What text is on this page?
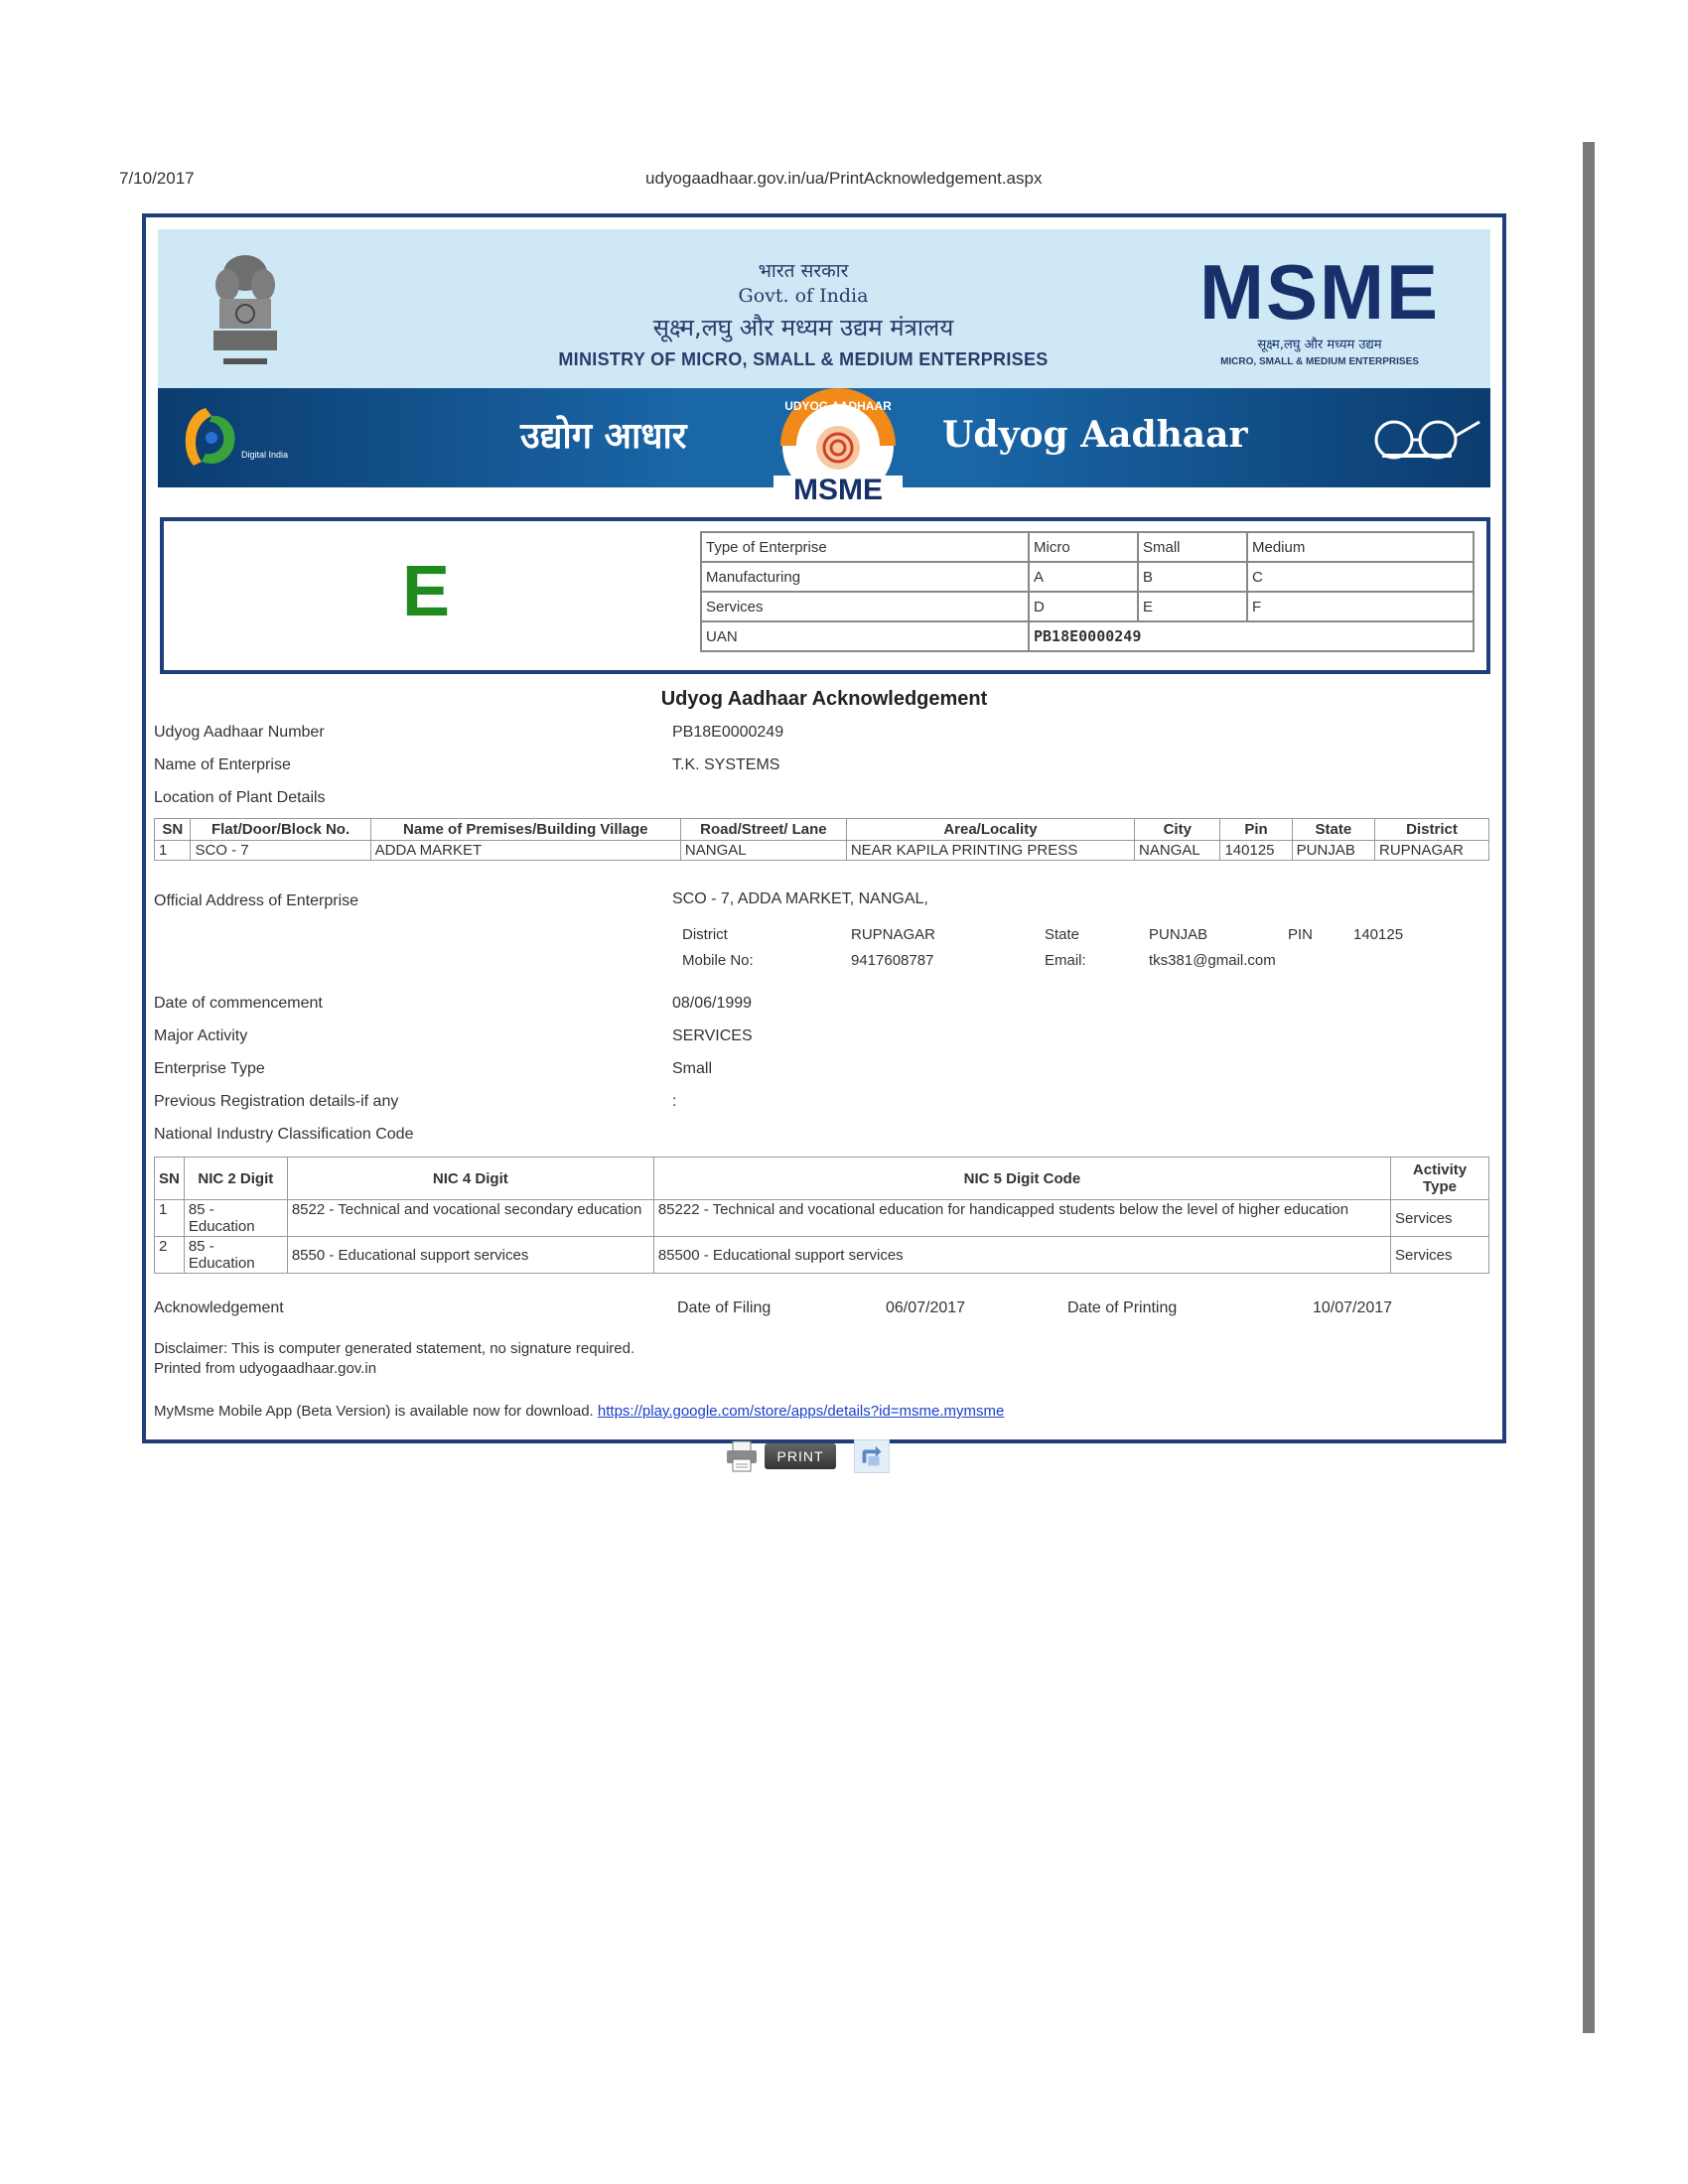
7/10/2017	udyogaadhaar.gov.in/ua/PrintAcknowledgement.aspx
भारत सरकार
Govt. of India
सूक्ष्म,लघु और मध्यम उद्यम मंत्रालय
MINISTRY OF MICRO, SMALL & MEDIUM ENTERPRISES
MSME
सूक्ष्म,लघु और मध्यम उद्यम
MICRO, SMALL & MEDIUM ENTERPRISES
Digital India	उद्योग आधार
UDYOG AADHAAR
MSME
Udyog Aadhaar
E
Type of Enterprise	Micro	Small	Medium
Manufacturing	A	B	C
Services	D	E	F
UAN	PB18E0000249		
Udyog Aadhaar Acknowledgement
Udyog Aadhaar Number	PB18E0000249
Name of Enterprise	T.K. SYSTEMS
Location of Plant Details
SN	Flat/Door/Block No.	Name of Premises/Building Village	Road/Street/ Lane	Area/Locality	City	Pin	State	District
1	SCO - 7	ADDA MARKET	NANGAL	NEAR KAPILA PRINTING PRESS	NANGAL	140125	PUNJAB	RUPNAGAR
Official Address of Enterprise	SCO - 7, ADDA MARKET, NANGAL,
District	RUPNAGAR	State	PUNJAB	PIN	140125
Mobile No:	9417608787	Email:	tks381@gmail.com
Date of commencement	08/06/1999
Major Activity	SERVICES
Enterprise Type	Small
Previous Registration details-if any	:
National Industry Classification Code
SN	NIC 2 Digit	NIC 4 Digit	NIC 5 Digit Code	Activity Type
1	85 - Education	8522 - Technical and vocational secondary education	85222 - Technical and vocational education for handicapped students below the level of higher education	Services
2	85 - Education	8550 - Educational support services	85500 - Educational support services	Services
Acknowledgement	Date of Filing	06/07/2017	Date of Printing	10/07/2017
Disclaimer: This is computer generated statement, no signature required.
Printed from udyogaadhaar.gov.in
MyMsme Mobile App (Beta Version) is available now for download. https://play.google.com/store/apps/details?id=msme.mymsme
PRINT
